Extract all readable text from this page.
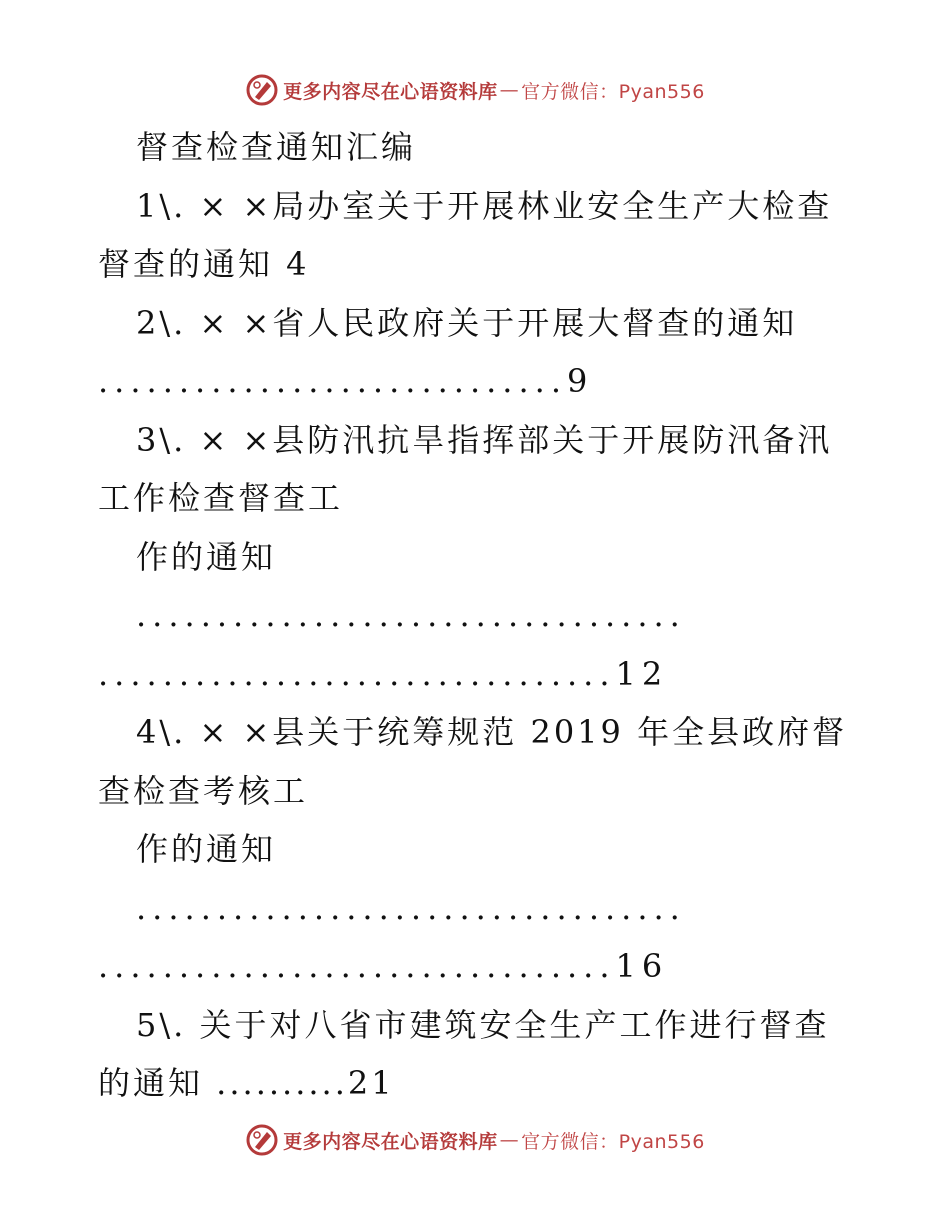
更多内容尽在心语资料库 — 官方微信：Pyan556
督查检查通知汇编
1\. × ×局办室关于开展林业安全生产大检查
督查的通知 4
2\. × ×省人民政府关于开展大督查的通知
.............................9
3\. × ×县防汛抗旱指挥部关于开展防汛备汛
工作检查督查工
作的通知
..................................
................................12
4\. × ×县关于统筹规范 2019 年全县政府督
查检查考核工
作的通知
..................................
................................16
5\. 关于对八省市建筑安全生产工作进行督查
的通知 ..........21
更多内容尽在心语资料库 — 官方微信：Pyan556
